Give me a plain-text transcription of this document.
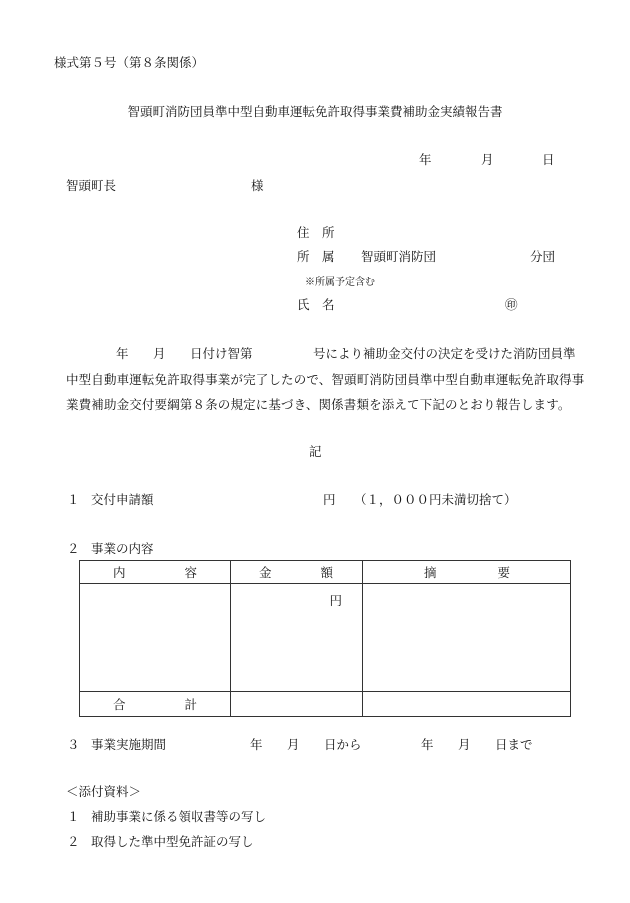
様式第５号（第８条関係）
智頭町消防団員準中型自動車運転免許取得事業費補助金実績報告書
年	月	日
智頭町長	様
住　所
所　属 智頭町消防団	分団
※所属予定含む
氏　名	㊞
年 月 日付け智第	号により補助金交付の決定を受けた消防団員準
中型自動車運転免許取得事業が完了したので、智頭町消防団員準中型自動車運転免許取得事
業費補助金交付要綱第８条の規定に基づき、関係書類を添えて下記のとおり報告します。
記
１ 交付申請額	円 （１，０００円未満切捨て）
２ 事業の内容
内 容	金 額	摘 要

	円	

合 計		

３ 事業実施期間	年 月 日から	年 月 日まで
＜添付資料＞
１ 補助事業に係る領収書等の写し
２ 取得した準中型免許証の写し
